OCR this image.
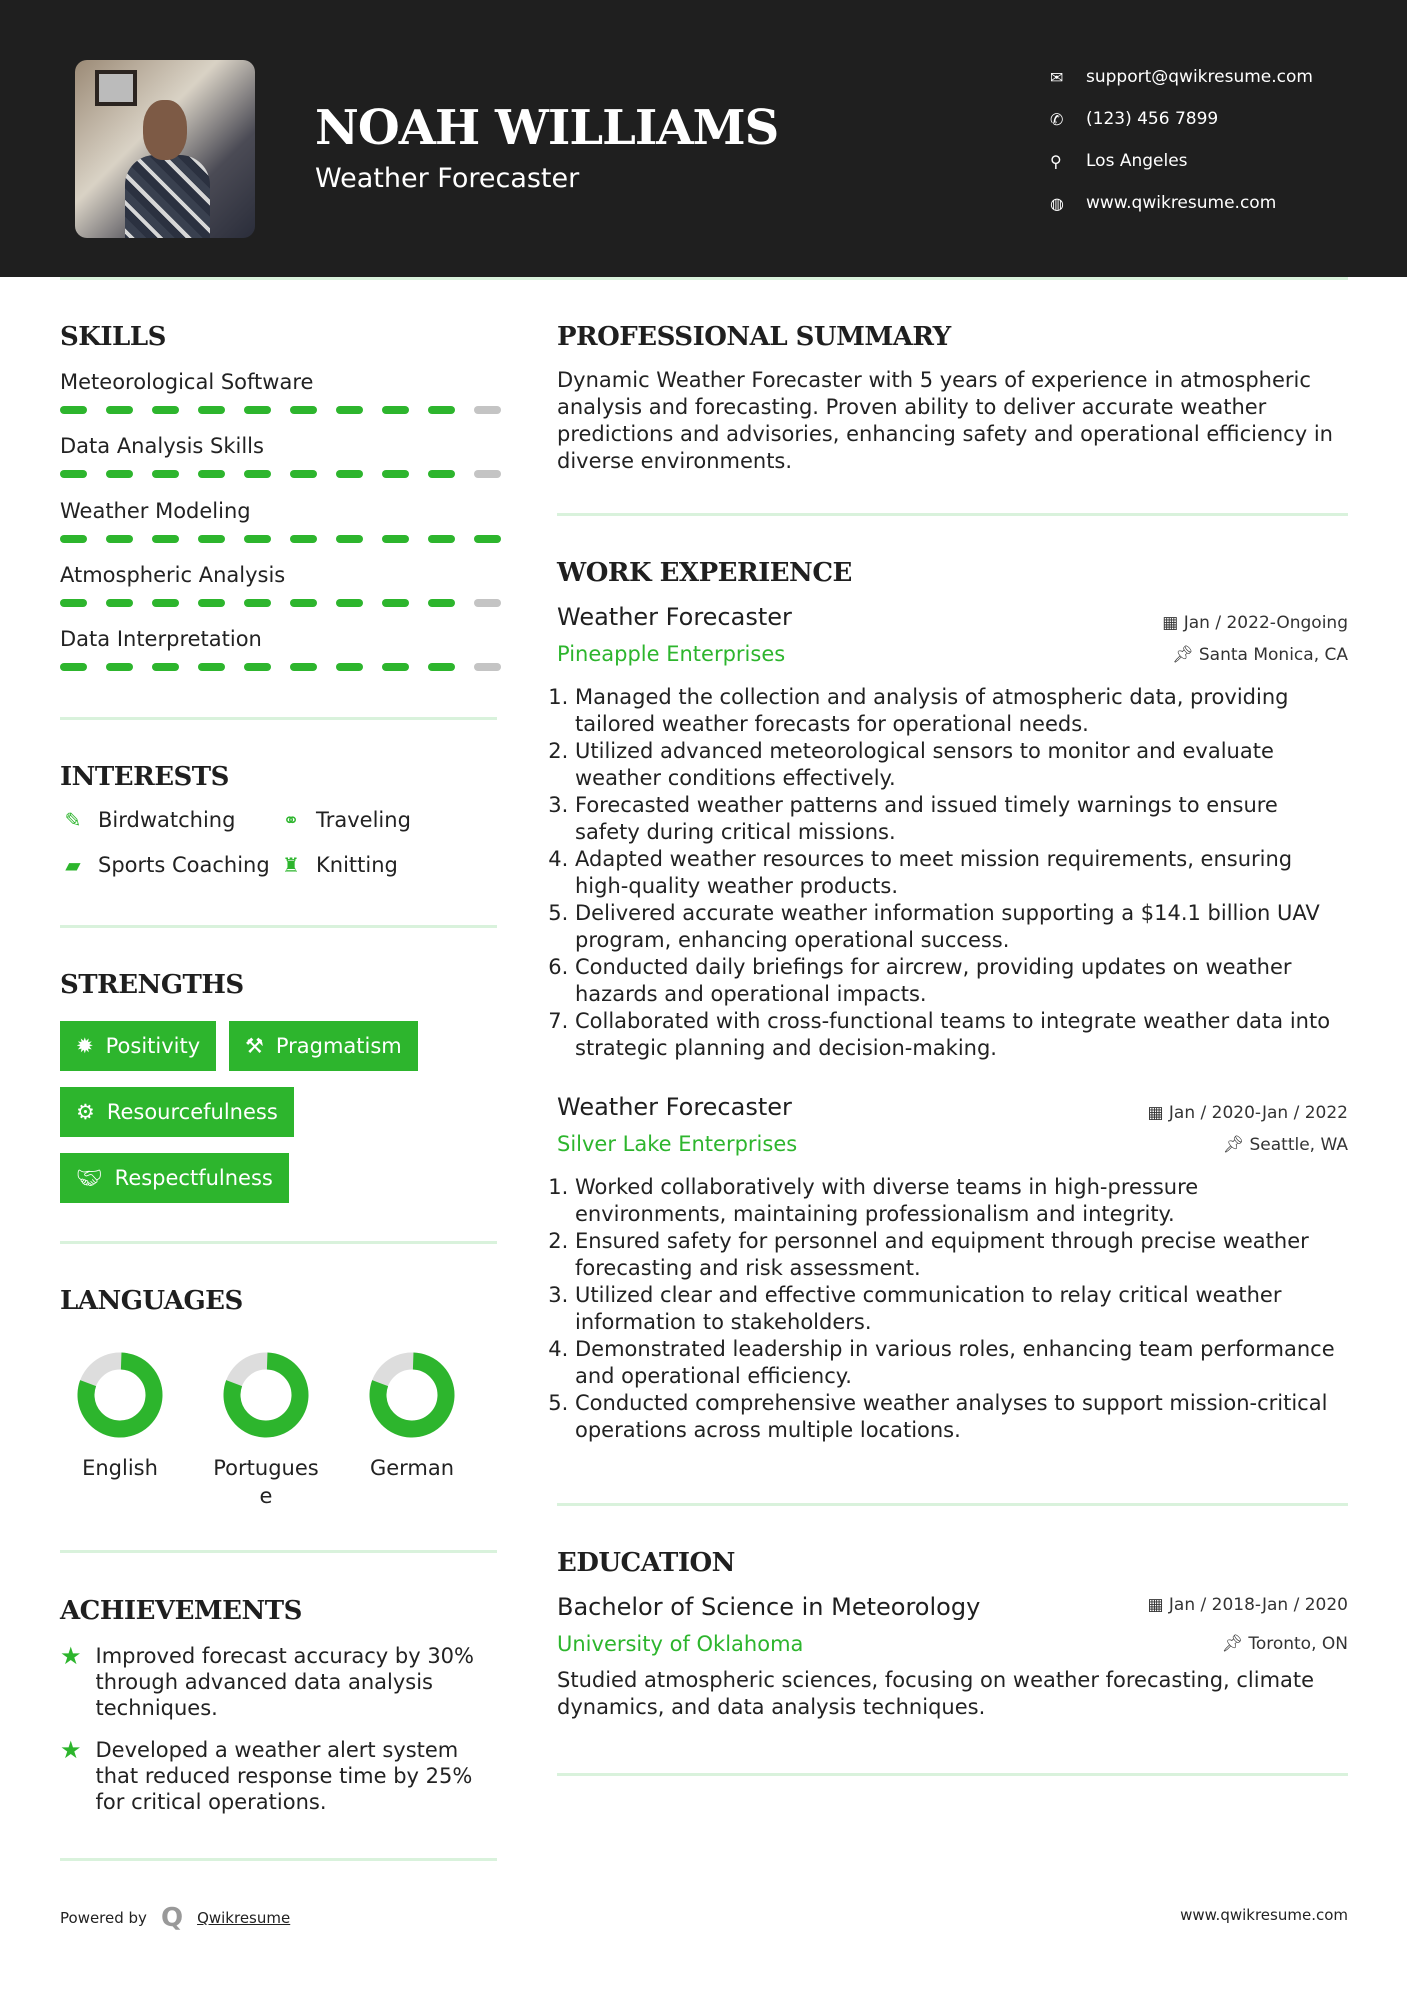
NOAH WILLIAMS
Weather Forecaster
✉	support@qwikresume.com
✆	(123) 456 7899
⚲	Los Angeles
◍	www.qwikresume.com
SKILLS
Meteorological Software
Data Analysis Skills
Weather Modeling
Atmospheric Analysis
Data Interpretation
INTERESTS
✎ Birdwatching ⚭ Traveling
▰ Sports Coaching ♜ Knitting
STRENGTHS
✹ Positivity ⚒ Pragmatism
⚙ Resourcefulness
🤝︎ Respectfulness
LANGUAGES
English	Portugues e
German
ACHIEVEMENTS
★ Improved forecast accuracy by 30% through advanced data analysis techniques.
★ Developed a weather alert system that reduced response time by 25% for critical operations.
PROFESSIONAL SUMMARY
Dynamic Weather Forecaster with 5 years of experience in atmospheric analysis and forecasting. Proven ability to deliver accurate weather predictions and advisories, enhancing safety and operational efficiency in diverse environments.
WORK EXPERIENCE
Weather Forecaster	▦ Jan / 2022-Ongoing
Pineapple Enterprises	📌︎ Santa Monica, CA
1. Managed the collection and analysis of atmospheric data, providing tailored weather forecasts for operational needs.
2. Utilized advanced meteorological sensors to monitor and evaluate weather conditions effectively.
3. Forecasted weather patterns and issued timely warnings to ensure safety during critical missions.
4. Adapted weather resources to meet mission requirements, ensuring high-quality weather products.
5. Delivered accurate weather information supporting a $14.1 billion UAV program, enhancing operational success.
6. Conducted daily briefings for aircrew, providing updates on weather hazards and operational impacts.
7. Collaborated with cross-functional teams to integrate weather data into strategic planning and decision-making.
Weather Forecaster	▦ Jan / 2020-Jan / 2022
Silver Lake Enterprises	📌︎ Seattle, WA
1. Worked collaboratively with diverse teams in high-pressure environments, maintaining professionalism and integrity.
2. Ensured safety for personnel and equipment through precise weather forecasting and risk assessment.
3. Utilized clear and effective communication to relay critical weather information to stakeholders.
4. Demonstrated leadership in various roles, enhancing team performance and operational efficiency.
5. Conducted comprehensive weather analyses to support mission-critical operations across multiple locations.
EDUCATION
Bachelor of Science in Meteorology	▦ Jan / 2018-Jan / 2020
University of Oklahoma	📌︎ Toronto, ON
Studied atmospheric sciences, focusing on weather forecasting, climate dynamics, and data analysis techniques.
Powered by Q Qwikresume	www.qwikresume.com
